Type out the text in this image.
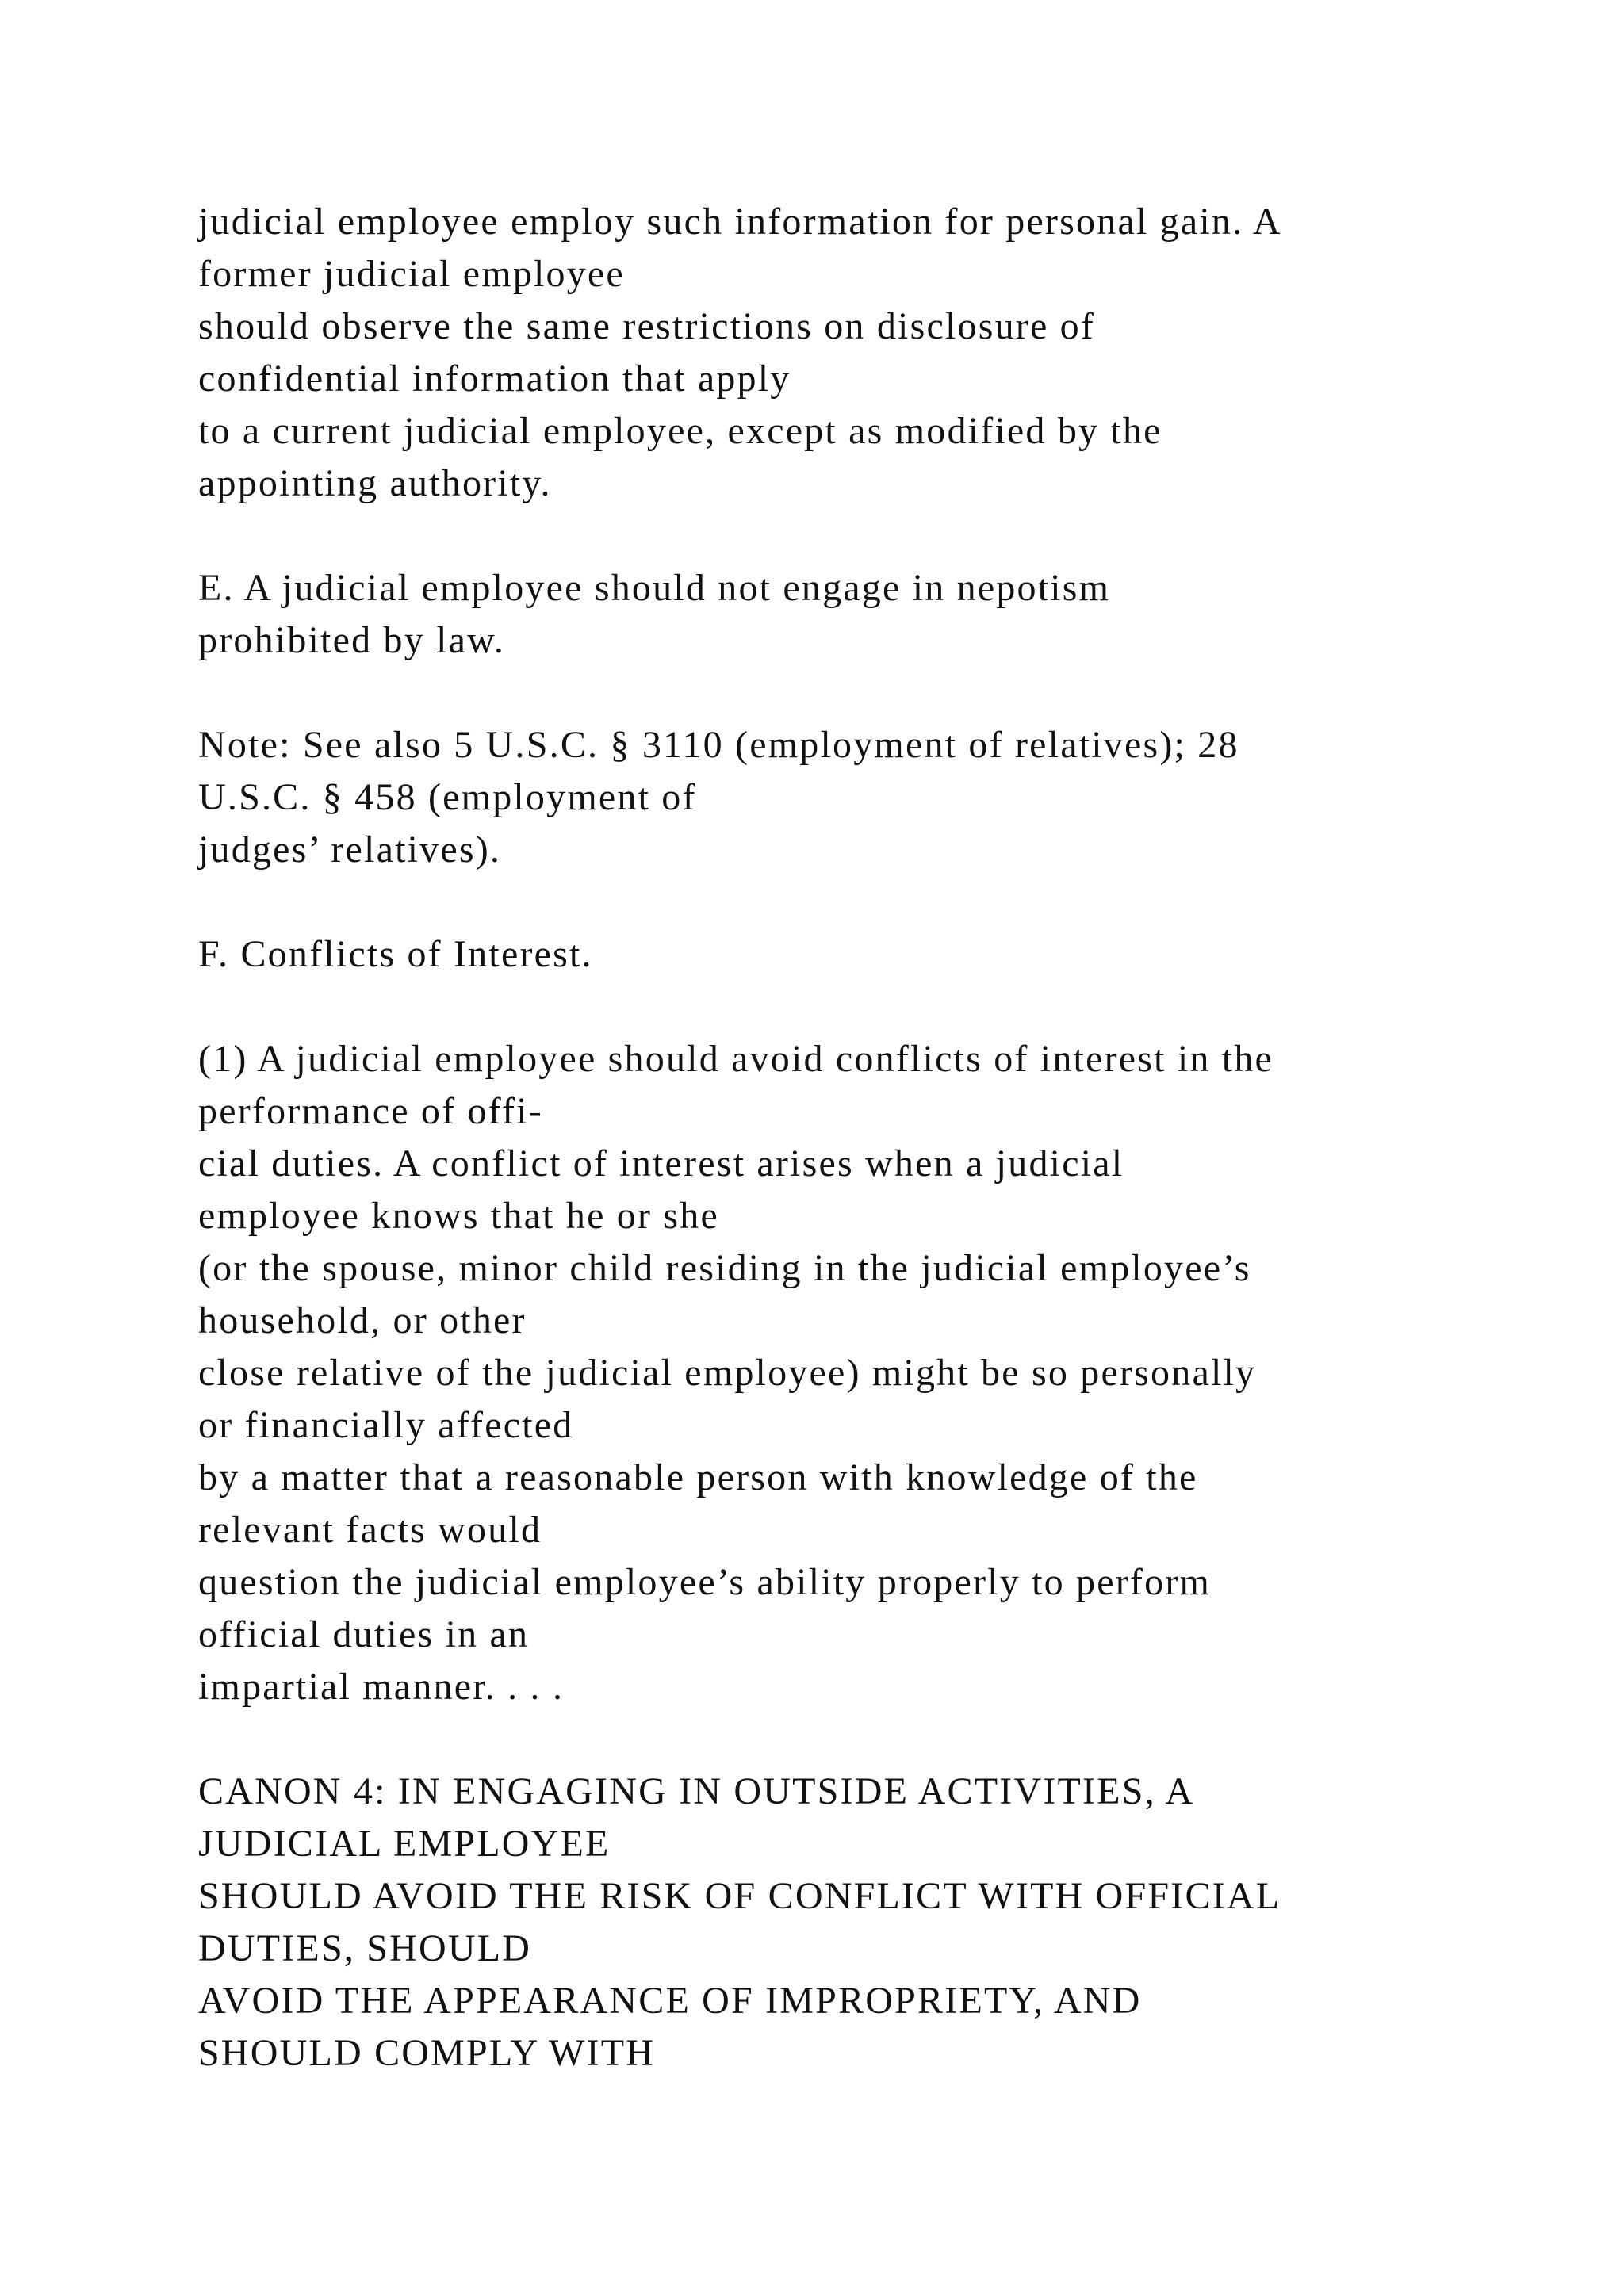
judicial employee employ such information for personal gain. A
former judicial employee
should observe the same restrictions on disclosure of
confidential information that apply
to a current judicial employee, except as modified by the
appointing authority.
E. A judicial employee should not engage in nepotism
prohibited by law.
Note: See also 5 U.S.C. § 3110 (employment of relatives); 28
U.S.C. § 458 (employment of
judges’ relatives).
F. Conflicts of Interest.
(1) A judicial employee should avoid conflicts of interest in the
performance of offi-
cial duties. A conflict of interest arises when a judicial
employee knows that he or she
(or the spouse, minor child residing in the judicial employee’s
household, or other
close relative of the judicial employee) might be so personally
or financially affected
by a matter that a reasonable person with knowledge of the
relevant facts would
question the judicial employee’s ability properly to perform
official duties in an
impartial manner. . . .
CANON 4: IN ENGAGING IN OUTSIDE ACTIVITIES, A
JUDICIAL EMPLOYEE
SHOULD AVOID THE RISK OF CONFLICT WITH OFFICIAL
DUTIES, SHOULD
AVOID THE APPEARANCE OF IMPROPRIETY, AND
SHOULD COMPLY WITH
